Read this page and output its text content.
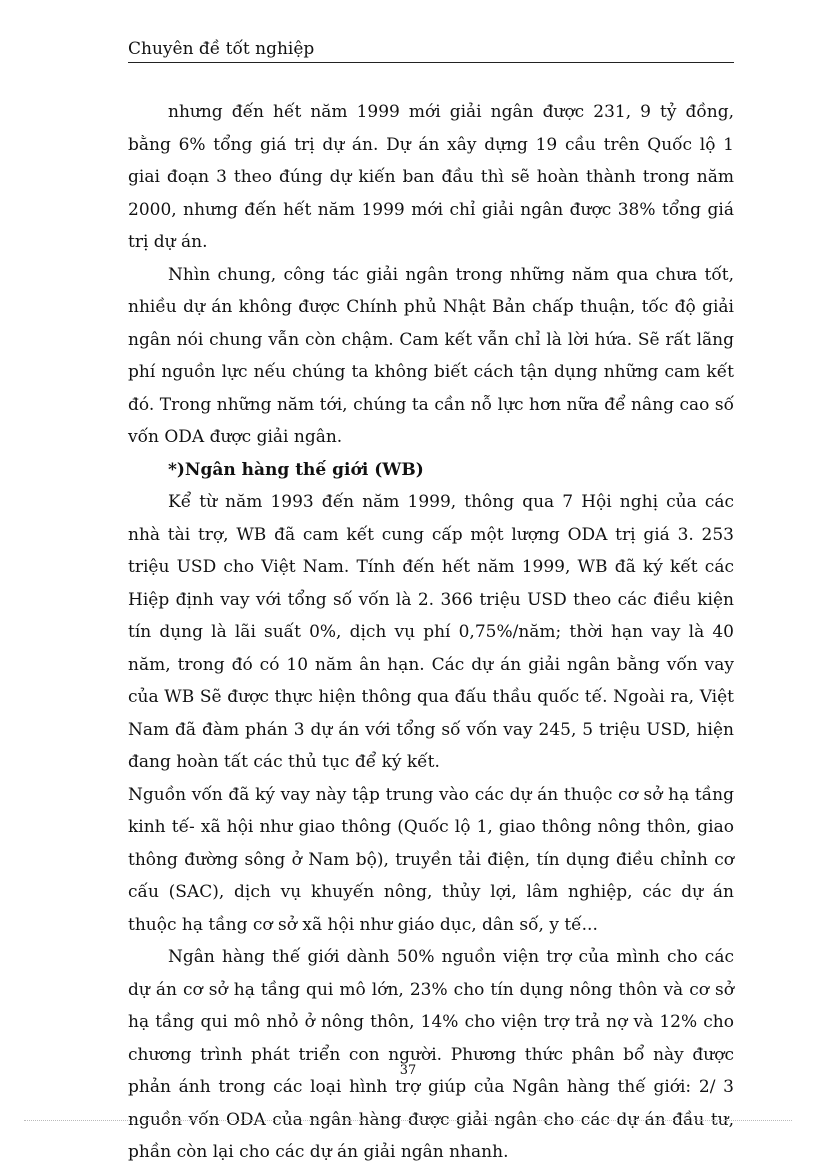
Chuyên đề tốt nghiệp

nhưng đến hết năm 1999 mới giải ngân được 231, 9 tỷ đồng, bằng 6% tổng giá trị dự án. Dự án xây dựng 19 cầu trên Quốc lộ 1 giai đoạn 3 theo đúng dự kiến ban đầu thì sẽ hoàn thành trong năm 2000, nhưng đến hết năm 1999 mới chỉ giải ngân được 38% tổng giá trị dự án.

Nhìn chung, công tác giải ngân trong những năm qua chưa tốt, nhiều dự án không được Chính phủ Nhật Bản chấp thuận, tốc độ giải ngân nói chung vẫn còn chậm. Cam kết vẫn chỉ là lời hứa. Sẽ rất lãng phí nguồn lực nếu chúng ta không biết cách tận dụng những cam kết đó. Trong những năm tới, chúng ta cần nỗ lực hơn nữa để nâng cao số vốn ODA được giải ngân.

*)Ngân hàng thế giới (WB)

Kể từ năm 1993 đến năm 1999, thông qua 7 Hội nghị của các nhà tài trợ, WB đã cam kết cung cấp một lượng ODA trị giá 3. 253 triệu USD cho Việt Nam. Tính đến hết năm 1999, WB đã ký kết các Hiệp định vay với tổng số vốn là 2. 366 triệu USD theo các điều kiện tín dụng là lãi suất 0%, dịch vụ phí 0,75%/năm; thời hạn vay là 40 năm, trong đó có 10 năm ân hạn. Các dự án giải ngân bằng vốn vay của WB Sẽ được thực hiện thông qua đấu thầu quốc tế. Ngoài ra, Việt Nam đã đàm phán 3 dự án với tổng số vốn vay 245, 5 triệu USD, hiện đang hoàn tất các thủ tục để ký kết.

Nguồn vốn đã ký vay này tập trung vào các dự án thuộc cơ sở hạ tầng kinh tế- xã hội như giao thông (Quốc lộ 1, giao thông nông thôn, giao thông đường sông ở Nam bộ), truyền tải điện, tín dụng điều chỉnh cơ cấu (SAC), dịch vụ khuyến nông, thủy lợi, lâm nghiệp, các dự án thuộc hạ tầng cơ sở xã hội như giáo dục, dân số, y tế...

Ngân hàng thế giới dành 50% nguồn viện trợ của mình cho các dự án cơ sở hạ tầng qui mô lớn, 23% cho tín dụng nông thôn và cơ sở hạ tầng qui mô nhỏ ở nông thôn, 14% cho viện trợ trả nợ và 12% cho chương trình phát triển con người. Phương thức phân bổ này được phản ánh trong các loại hình trợ giúp của Ngân hàng thế giới: 2/ 3 nguồn vốn ODA của ngân hàng được giải ngân cho các dự án đầu tư, phần còn lại cho các dự án giải ngân nhanh.

37
